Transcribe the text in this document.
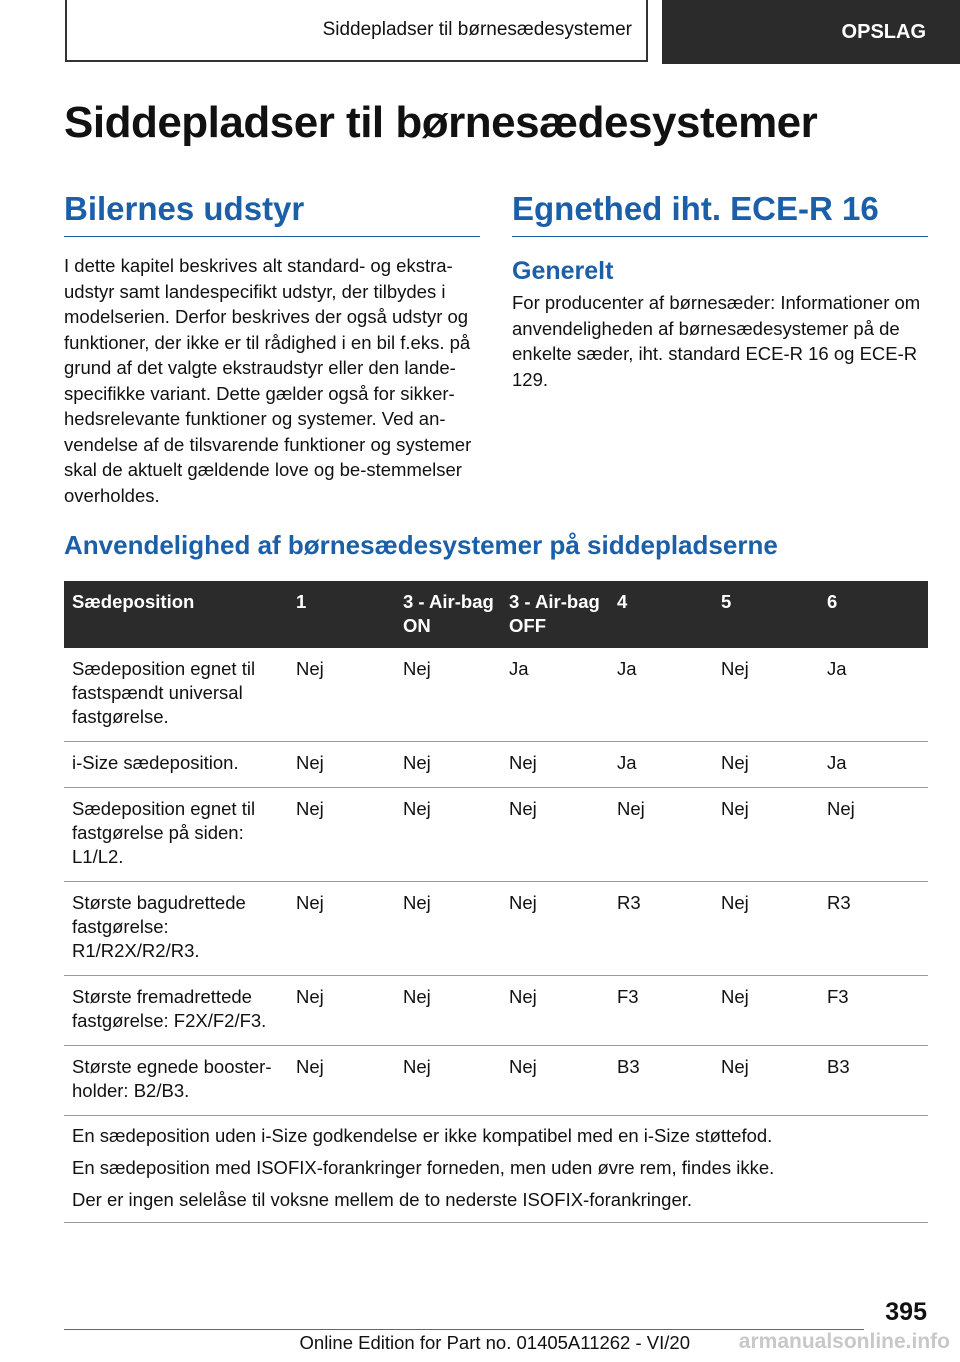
Siddepladser til børnesædesystemer	OPSLAG
Siddepladser til børnesædesystemer
Bilernes udstyr

I dette kapitel beskrives alt standard- og ekstra-udstyr samt landespecifikt udstyr, der tilbydes i modelserien. Derfor beskrives der også udstyr og funktioner, der ikke er til rådighed i en bil f.eks. på grund af det valgte ekstraudstyr eller den lande-specifikke variant. Dette gælder også for sikker-hedsrelevante funktioner og systemer. Ved an-vendelse af de tilsvarende funktioner og systemer skal de aktuelt gældende love og be-stemmelser overholdes.

Egnethed iht. ECE-R 16
Generelt

For producenter af børnesæder: Informationer om anvendeligheden af børnesædesystemer på de enkelte sæder, iht. standard ECE-R 16 og ECE-R 129.

Anvendelighed af børnesædesystemer på siddepladserne
Sædeposition	1	3 - Air-bag ON	3 - Air-bag OFF	4	5	6
Sædeposition egnet til fastspændt universal fastgørelse.	Nej	Nej	Ja	Ja	Nej	Ja
i-Size sædeposition.	Nej	Nej	Nej	Ja	Nej	Ja
Sædeposition egnet til fastgørelse på siden: L1/L2.	Nej	Nej	Nej	Nej	Nej	Nej
Største bagudrettede fastgørelse: R1/R2X/R2/R3.	Nej	Nej	Nej	R3	Nej	R3
Største fremadrettede fastgørelse: F2X/F2/F3.	Nej	Nej	Nej	F3	Nej	F3
Største egnede booster-holder: B2/B3.	Nej	Nej	Nej	B3	Nej	B3

En sædeposition uden i-Size godkendelse er ikke kompatibel med en i-Size støttefod.

En sædeposition med ISOFIX-forankringer forneden, men uden øvre rem, findes ikke.

Der er ingen selelåse til voksne mellem de to nederste ISOFIX-forankringer.						

395
Online Edition for Part no. 01405A11262 - VI/20 armanualsonline.info
